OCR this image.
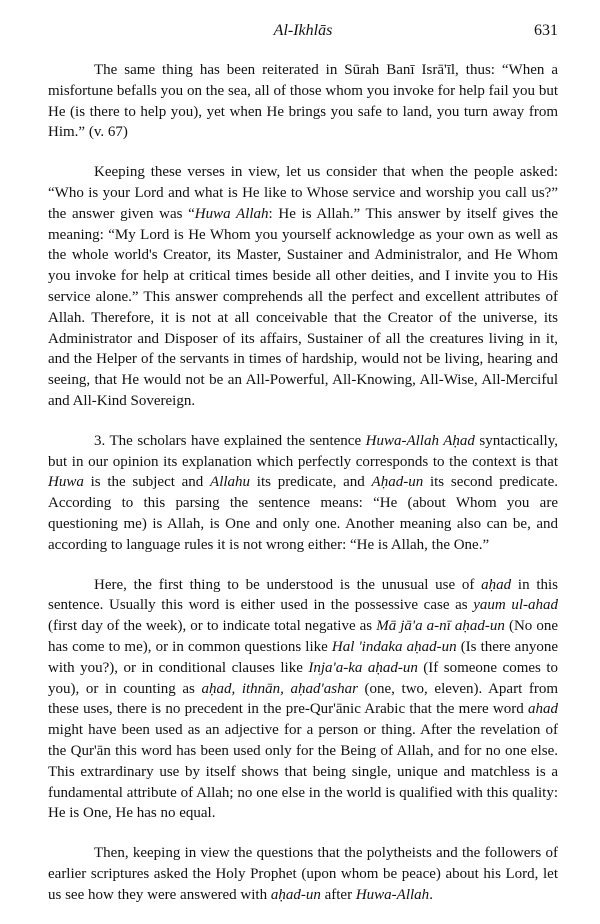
Al-Ikhlās	631

The same thing has been reiterated in Sūrah Banī Isrā'īl, thus: “When a misfortune befalls you on the sea, all of those whom you invoke for help fail you but He (is there to help you), yet when He brings you safe to land, you turn away from Him.” (v. 67)

Keeping these verses in view, let us consider that when the people asked: “Who is your Lord and what is He like to Whose service and worship you call us?” the answer given was “Huwa Allah: He is Allah.” This answer by itself gives the meaning: “My Lord is He Whom you yourself acknowledge as your own as well as the whole world's Creator, its Master, Sustainer and Administralor, and He Whom you invoke for help at critical times beside all other deities, and I invite you to His service alone.” This answer comprehends all the perfect and excellent attributes of Allah. Therefore, it is not at all conceivable that the Creator of the universe, its Administrator and Disposer of its affairs, Sustainer of all the creatures living in it, and the Helper of the servants in times of hardship, would not be living, hearing and seeing, that He would not be an All-Powerful, All-Knowing, All-Wise, All-Merciful and All-Kind Sovereign.

3. The scholars have explained the sentence Huwa-Allah Aḥad syntactically, but in our opinion its explanation which perfectly corresponds to the context is that Huwa is the subject and Allahu its predicate, and Aḥad-un its second predicate. According to this parsing the sentence means: “He (about Whom you are questioning me) is Allah, is One and only one. Another meaning also can be, and according to language rules it is not wrong either: “He is Allah, the One.”

Here, the first thing to be understood is the unusual use of aḥad in this sentence. Usually this word is either used in the possessive case as yaum ul-ahad (first day of the week), or to indicate total negative as Mā jā'a a-nī aḥad-un (No one has come to me), or in common questions like Hal 'indaka aḥad-un (Is there anyone with you?), or in conditional clauses like Inja'a-ka aḥad-un (If someone comes to you), or in counting as aḥad, ithnān, aḥad'ashar (one, two, eleven). Apart from these uses, there is no precedent in the pre-Qur'ānic Arabic that the mere word ahad might have been used as an adjective for a person or thing. After the revelation of the Qur'ān this word has been used only for the Being of Allah, and for no one else. This extrardinary use by itself shows that being single, unique and matchless is a fundamental attribute of Allah; no one else in the world is qualified with this quality: He is One, He has no equal.

Then, keeping in view the questions that the polytheists and the followers of earlier scriptures asked the Holy Prophet (upon whom be peace) about his Lord, let us see how they were answered with aḥad-un after Huwa-Allah.
